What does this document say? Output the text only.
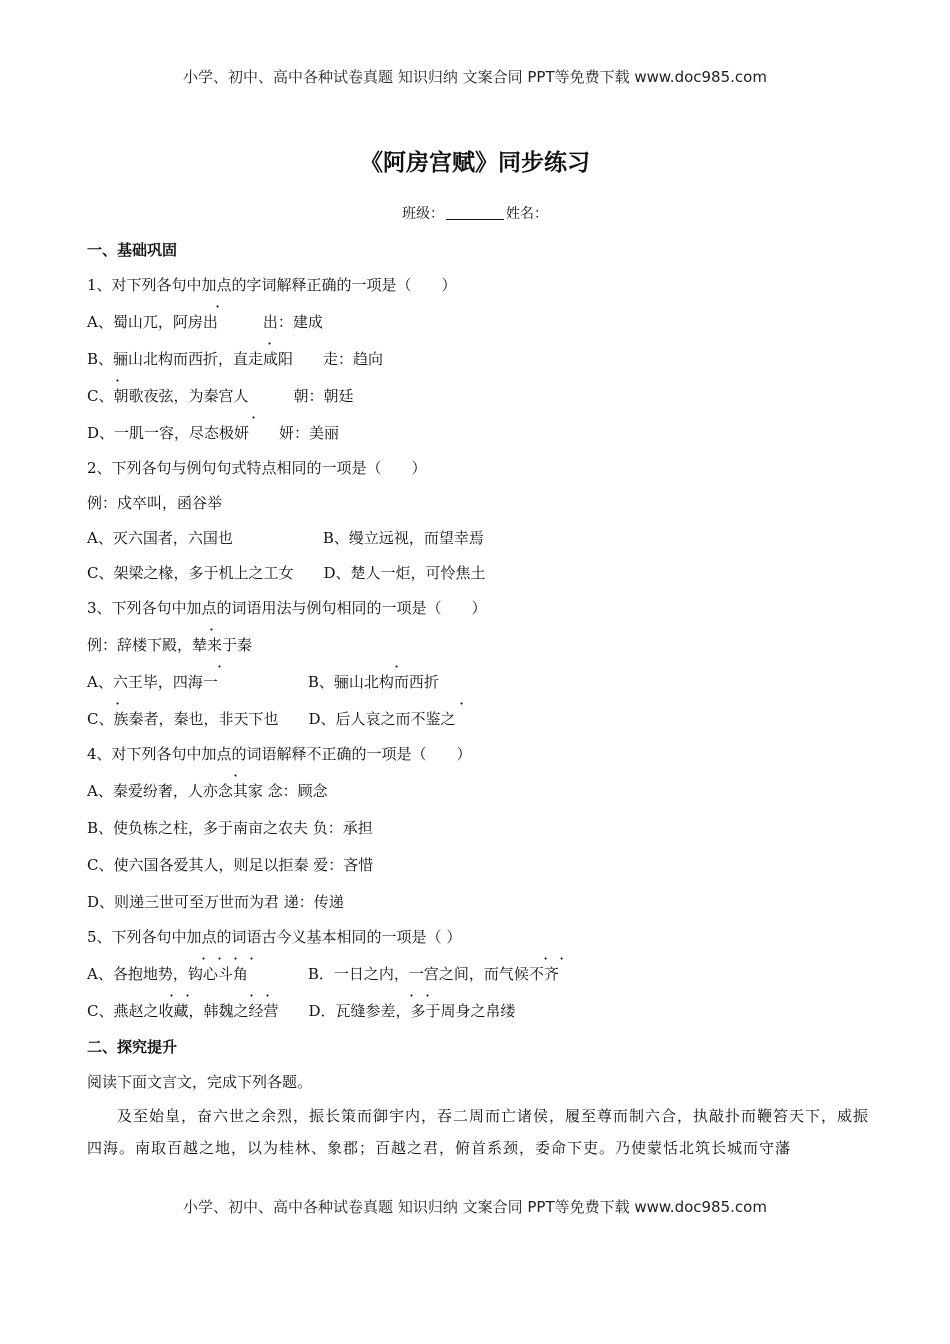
小学、初中、高中各种试卷真题 知识归纳 文案合同 PPT等免费下载 www.doc985.com
《阿房宫赋》同步练习
班级：	姓名：
一、基础巩固
1、对下列各句中加点的字词解释正确的一项是（　　）
A、蜀山兀，阿房出　　　出：建成
B、骊山北构而西折，直走咸阳　　走：趋向
C、朝歌夜弦，为秦宫人　　　朝：朝廷
D、一肌一容，尽态极妍　　妍：美丽
2、下列各句与例句句式特点相同的一项是（　　）
例：戍卒叫，函谷举
A、灭六国者，六国也　　　　　　B、缦立远视，而望幸焉
C、架梁之椽，多于机上之工女　　D、楚人一炬，可怜焦土
3、下列各句中加点的词语用法与例句相同的一项是（　　）
例：辞楼下殿，辇来于秦
A、六王毕，四海一　　　　　　B、骊山北构而西折
C、族秦者，秦也，非天下也　　D、后人哀之而不鉴之
4、对下列各句中加点的词语解释不正确的一项是（　　）
A、秦爱纷奢，人亦念其家 念：顾念
B、使负栋之柱，多于南亩之农夫 负：承担
C、使六国各爱其人，则足以拒秦 爱：吝惜
D、则递三世可至万世而为君 递：传递
5、下列各句中加点的词语古今义基本相同的一项是（ ）
A、各抱地势，钩心斗角　　　　B．一日之内，一宫之间，而气候不齐
C、燕赵之收藏，韩魏之经营　　D．瓦缝参差，多于周身之帛缕
·
·
·
·
·
·	·
·	·
·
· · · ·	· ·
· ·	· ·	· ·
二、探究提升
阅读下面文言文，完成下列各题。
及至始皇，奋六世之余烈，振长策而御宇内，吞二周而亡诸侯，履至尊而制六合，执敲扑而鞭笞天下，威振四海。南取百越之地，以为桂林、象郡；百越之君，俯首系颈，委命下吏。乃使蒙恬北筑长城而守藩
小学、初中、高中各种试卷真题 知识归纳 文案合同 PPT等免费下载 www.doc985.com
